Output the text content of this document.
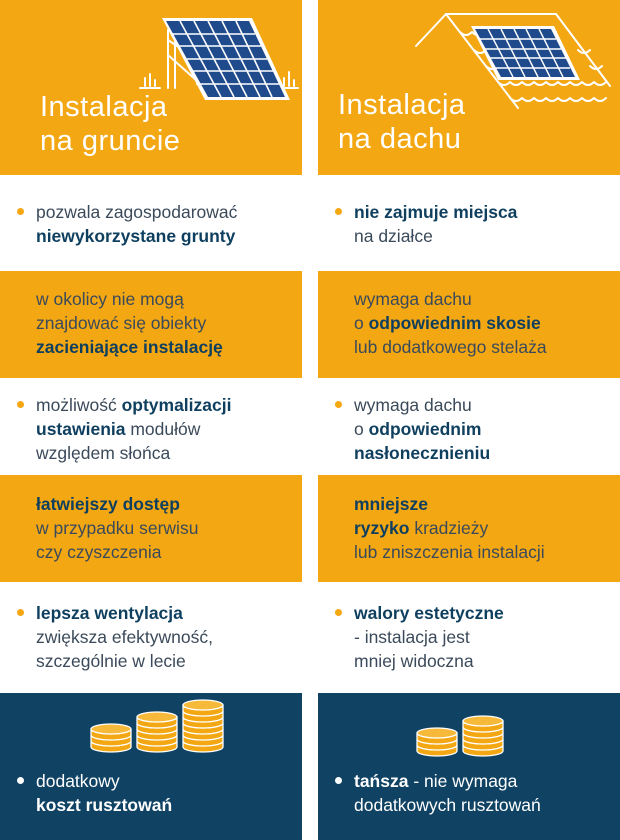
Instalacja
na gruncie
pozwala zagospodarować
niewykorzystane grunty
w okolicy nie mogą
znajdować się obiekty
zacieniające instalację
możliwość optymalizacji
ustawienia modułów
względem słońca
łatwiejszy dostęp
w przypadku serwisu
czy czyszczenia
lepsza wentylacja
zwiększa efektywność,
szczególnie w lecie
dodatkowy
koszt rusztowań
Instalacja
na dachu
nie zajmuje miejsca
na działce
wymaga dachu
o odpowiednim skosie
lub dodatkowego stelaża
wymaga dachu
o odpowiednim
nasłonecznieniu
mniejsze
ryzyko kradzieży
lub zniszczenia instalacji
walory estetyczne
- instalacja jest
mniej widoczna
tańsza - nie wymaga
dodatkowych rusztowań
